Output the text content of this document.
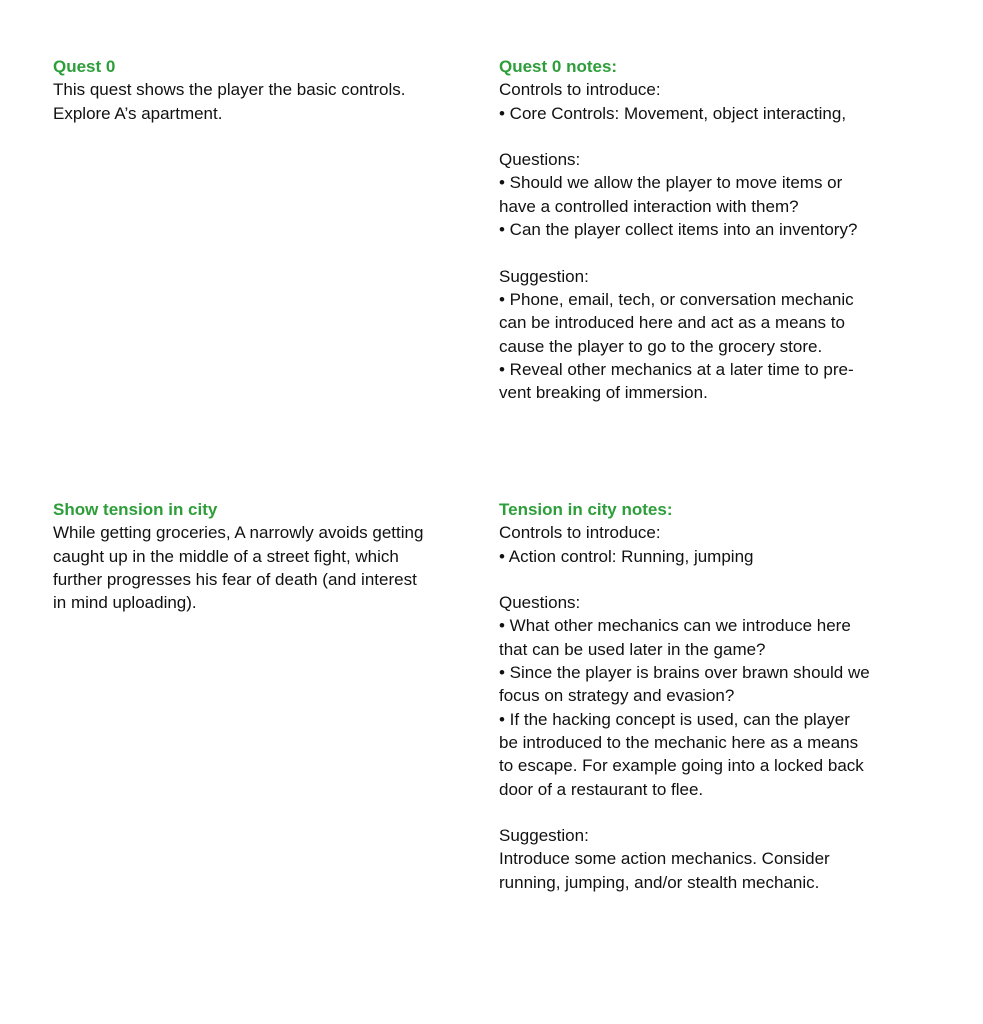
Quest 0

This quest shows the player the basic controls.

Explore A’s apartment.

Quest 0 notes:

Controls to introduce:

• Core Controls: Movement, object interacting,

Questions:

• Should we allow the player to move items or

have a controlled interaction with them?

• Can the player collect items into an inventory?

Suggestion:

• Phone, email, tech, or conversation mechanic

can be introduced here and act as a means to

cause the player to go to the grocery store.

• Reveal other mechanics at a later time to pre-

vent breaking of immersion.

Show tension in city

While getting groceries, A narrowly avoids getting

caught up in the middle of a street fight, which

further progresses his fear of death (and interest

in mind uploading).

Tension in city notes:

Controls to introduce:

• Action control: Running, jumping

Questions:

• What other mechanics can we introduce here

that can be used later in the game?

• Since the player is brains over brawn should we

focus on strategy and evasion?

• If the hacking concept is used, can the player

be introduced to the mechanic here as a means

to escape. For example going into a locked back

door of a restaurant to flee.

Suggestion:

Introduce some action mechanics. Consider

running, jumping, and/or stealth mechanic.
